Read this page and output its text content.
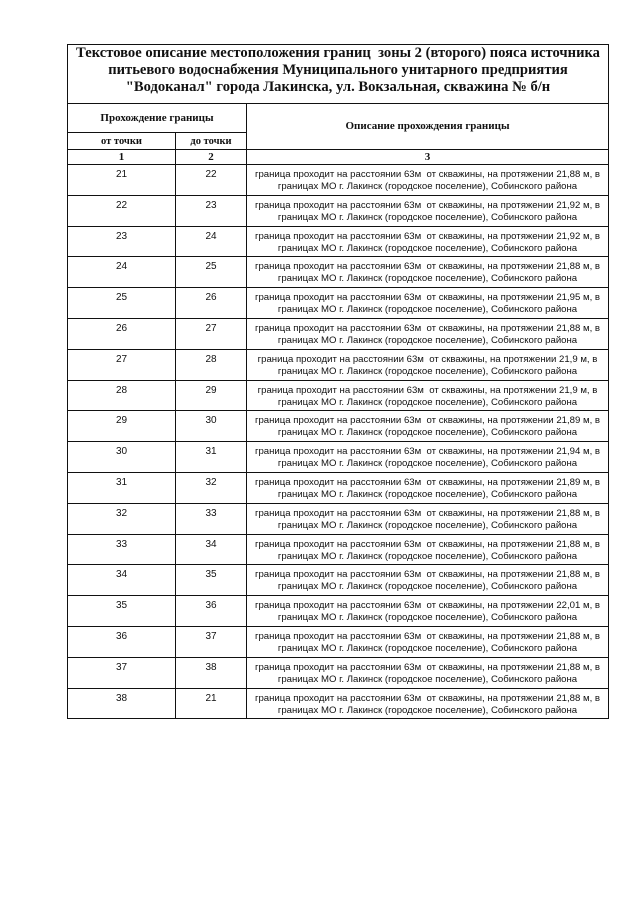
Текстовое описание местоположения границ  зоны 2 (второго) пояса источника
питьевого водоснабжения Муниципального унитарного предприятия
"Водоканал" города Лакинска, ул. Вокзальная, скважина № б/н		

Прохождение границы		Описание прохождения границы
от точки	до точки	
1	2	3
21	22	граница проходит на расстоянии 63м  от скважины, на протяжении 21,88 м, в
границах МО г. Лакинск (городское поселение), Собинского района

22	23	граница проходит на расстоянии 63м  от скважины, на протяжении 21,92 м, в
границах МО г. Лакинск (городское поселение), Собинского района

23	24	граница проходит на расстоянии 63м  от скважины, на протяжении 21,92 м, в
границах МО г. Лакинск (городское поселение), Собинского района

24	25	граница проходит на расстоянии 63м  от скважины, на протяжении 21,88 м, в
границах МО г. Лакинск (городское поселение), Собинского района

25	26	граница проходит на расстоянии 63м  от скважины, на протяжении 21,95 м, в
границах МО г. Лакинск (городское поселение), Собинского района

26	27	граница проходит на расстоянии 63м  от скважины, на протяжении 21,88 м, в
границах МО г. Лакинск (городское поселение), Собинского района

27	28	граница проходит на расстоянии 63м  от скважины, на протяжении 21,9 м, в
границах МО г. Лакинск (городское поселение), Собинского района

28	29	граница проходит на расстоянии 63м  от скважины, на протяжении 21,9 м, в
границах МО г. Лакинск (городское поселение), Собинского района

29	30	граница проходит на расстоянии 63м  от скважины, на протяжении 21,89 м, в
границах МО г. Лакинск (городское поселение), Собинского района

30	31	граница проходит на расстоянии 63м  от скважины, на протяжении 21,94 м, в
границах МО г. Лакинск (городское поселение), Собинского района

31	32	граница проходит на расстоянии 63м  от скважины, на протяжении 21,89 м, в
границах МО г. Лакинск (городское поселение), Собинского района

32	33	граница проходит на расстоянии 63м  от скважины, на протяжении 21,88 м, в
границах МО г. Лакинск (городское поселение), Собинского района

33	34	граница проходит на расстоянии 63м  от скважины, на протяжении 21,88 м, в
границах МО г. Лакинск (городское поселение), Собинского района

34	35	граница проходит на расстоянии 63м  от скважины, на протяжении 21,88 м, в
границах МО г. Лакинск (городское поселение), Собинского района

35	36	граница проходит на расстоянии 63м  от скважины, на протяжении 22,01 м, в
границах МО г. Лакинск (городское поселение), Собинского района

36	37	граница проходит на расстоянии 63м  от скважины, на протяжении 21,88 м, в
границах МО г. Лакинск (городское поселение), Собинского района

37	38	граница проходит на расстоянии 63м  от скважины, на протяжении 21,88 м, в
границах МО г. Лакинск (городское поселение), Собинского района

38	21	граница проходит на расстоянии 63м  от скважины, на протяжении 21,88 м, в
границах МО г. Лакинск (городское поселение), Собинского района
